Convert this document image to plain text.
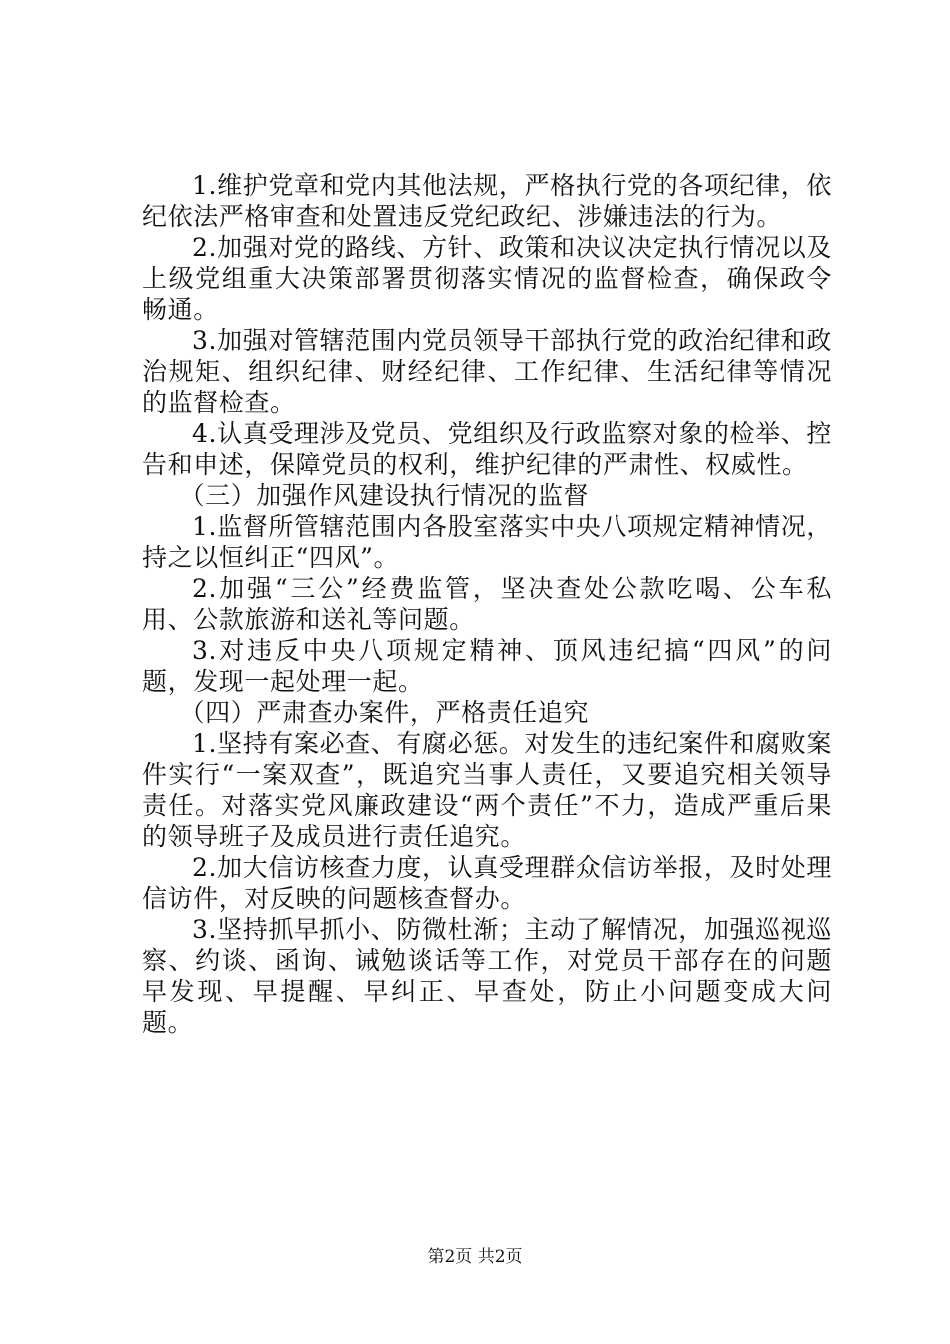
1.维护党章和党内其他法规，严格执行党的各项纪律，依纪依法严格审查和处置违反党纪政纪、涉嫌违法的行为。

2.加强对党的路线、方针、政策和决议决定执行情况以及上级党组重大决策部署贯彻落实情况的监督检查，确保政令畅通。

3.加强对管辖范围内党员领导干部执行党的政治纪律和政治规矩、组织纪律、财经纪律、工作纪律、生活纪律等情况的监督检查。

4.认真受理涉及党员、党组织及行政监察对象的检举、控告和申述，保障党员的权利，维护纪律的严肃性、权威性。

（三）加强作风建设执行情况的监督

1.监督所管辖范围内各股室落实中央八项规定精神情况，持之以恒纠正“四风”。

2.加强“三公”经费监管，坚决查处公款吃喝、公车私用、公款旅游和送礼等问题。

3.对违反中央八项规定精神、顶风违纪搞“四风”的问题，发现一起处理一起。

（四）严肃查办案件，严格责任追究

1.坚持有案必查、有腐必惩。对发生的违纪案件和腐败案件实行“一案双查”，既追究当事人责任，又要追究相关领导责任。对落实党风廉政建设“两个责任”不力，造成严重后果的领导班子及成员进行责任追究。

2.加大信访核查力度，认真受理群众信访举报，及时处理信访件，对反映的问题核查督办。

3.坚持抓早抓小、防微杜渐；主动了解情况，加强巡视巡察、约谈、函询、诫勉谈话等工作，对党员干部存在的问题早发现、早提醒、早纠正、早查处，防止小问题变成大问题。

第2页 共2页
